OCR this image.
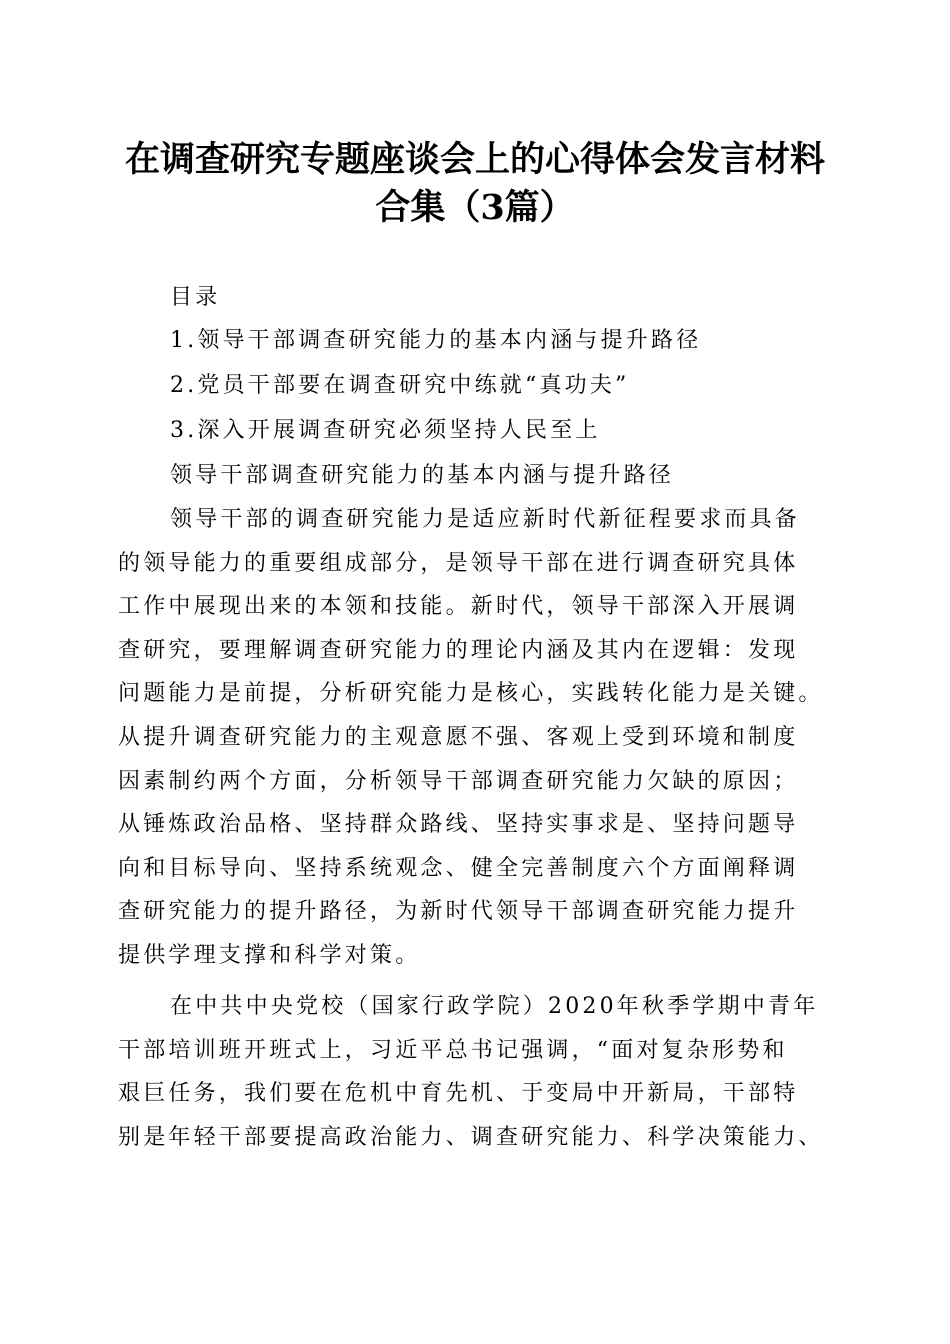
在调查研究专题座谈会上的心得体会发言材料
合集（3篇）
目录
1.领导干部调查研究能力的基本内涵与提升路径
2.党员干部要在调查研究中练就“真功夫”
3.深入开展调查研究必须坚持人民至上
领导干部调查研究能力的基本内涵与提升路径
领导干部的调查研究能力是适应新时代新征程要求而具备
的领导能力的重要组成部分，是领导干部在进行调查研究具体
工作中展现出来的本领和技能。新时代，领导干部深入开展调
查研究，要理解调查研究能力的理论内涵及其内在逻辑：发现
问题能力是前提，分析研究能力是核心，实践转化能力是关键。
从提升调查研究能力的主观意愿不强、客观上受到环境和制度
因素制约两个方面，分析领导干部调查研究能力欠缺的原因；
从锤炼政治品格、坚持群众路线、坚持实事求是、坚持问题导
向和目标导向、坚持系统观念、健全完善制度六个方面阐释调
查研究能力的提升路径，为新时代领导干部调查研究能力提升
提供学理支撑和科学对策。
在中共中央党校（国家行政学院）2020年秋季学期中青年
干部培训班开班式上，习近平总书记强调，“面对复杂形势和
艰巨任务，我们要在危机中育先机、于变局中开新局，干部特
别是年轻干部要提高政治能力、调查研究能力、科学决策能力、
